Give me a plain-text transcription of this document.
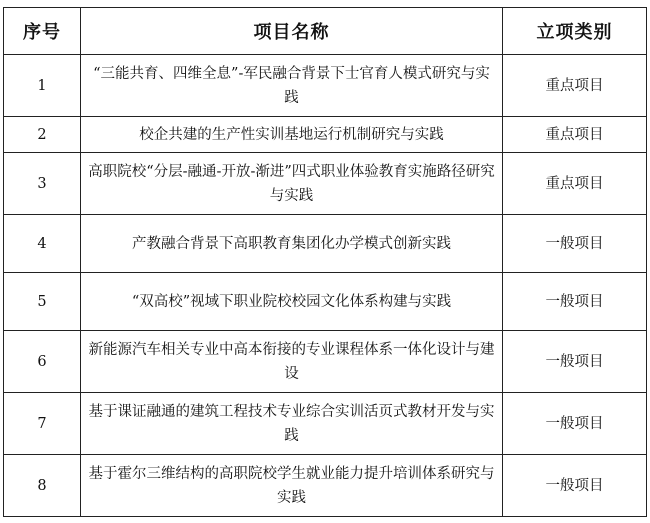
序号	项目名称	立项类别
1	“三能共育、四维全息”-军民融合背景下士官育人模式研究与实践	重点项目
2	校企共建的生产性实训基地运行机制研究与实践	重点项目
3	高职院校“分层-融通-开放-渐进”四式职业体验教育实施路径研究与实践	重点项目
4	产教融合背景下高职教育集团化办学模式创新实践	一般项目
5	“双高校”视域下职业院校校园文化体系构建与实践	一般项目
6	新能源汽车相关专业中高本衔接的专业课程体系一体化设计与建设	一般项目
7	基于课证融通的建筑工程技术专业综合实训活页式教材开发与实践	一般项目
8	基于霍尔三维结构的高职院校学生就业能力提升培训体系研究与实践	一般项目
